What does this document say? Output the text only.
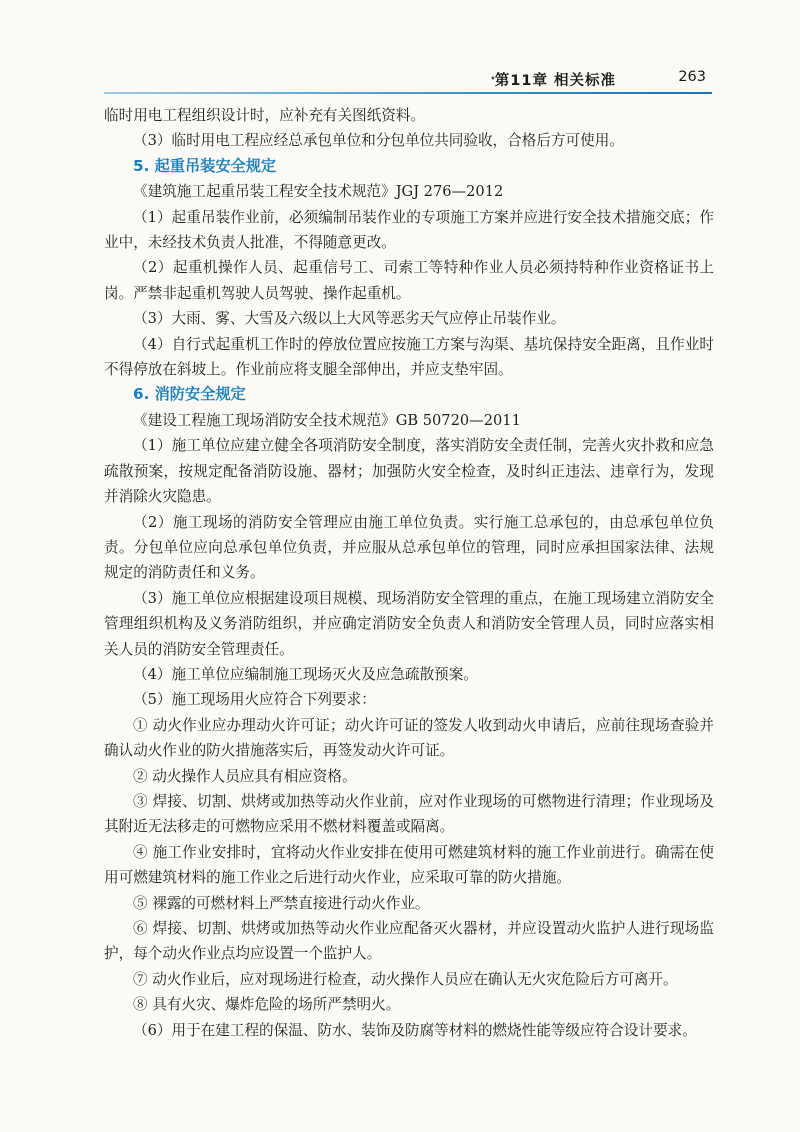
•
第11章 相关标准	263

临时用电工程组织设计时，应补充有关图纸资料。

（3）临时用电工程应经总承包单位和分包单位共同验收，合格后方可使用。

5. 起重吊装安全规定

《建筑施工起重吊装工程安全技术规范》JGJ 276—2012

（1）起重吊装作业前，必须编制吊装作业的专项施工方案并应进行安全技术措施交底；作业中，未经技术负责人批准，不得随意更改。

（2）起重机操作人员、起重信号工、司索工等特种作业人员必须持特种作业资格证书上岗。严禁非起重机驾驶人员驾驶、操作起重机。

（3）大雨、雾、大雪及六级以上大风等恶劣天气应停止吊装作业。

（4）自行式起重机工作时的停放位置应按施工方案与沟渠、基坑保持安全距离，且作业时不得停放在斜坡上。作业前应将支腿全部伸出，并应支垫牢固。

6. 消防安全规定

《建设工程施工现场消防安全技术规范》GB 50720—2011

（1）施工单位应建立健全各项消防安全制度，落实消防安全责任制，完善火灾扑救和应急疏散预案，按规定配备消防设施、器材；加强防火安全检查，及时纠正违法、违章行为，发现并消除火灾隐患。

（2）施工现场的消防安全管理应由施工单位负责。实行施工总承包的，由总承包单位负责。分包单位应向总承包单位负责，并应服从总承包单位的管理，同时应承担国家法律、法规规定的消防责任和义务。

（3）施工单位应根据建设项目规模、现场消防安全管理的重点，在施工现场建立消防安全管理组织机构及义务消防组织，并应确定消防安全负责人和消防安全管理人员，同时应落实相关人员的消防安全管理责任。

（4）施工单位应编制施工现场灭火及应急疏散预案。

（5）施工现场用火应符合下列要求：

① 动火作业应办理动火许可证；动火许可证的签发人收到动火申请后，应前往现场查验并确认动火作业的防火措施落实后，再签发动火许可证。

② 动火操作人员应具有相应资格。

③ 焊接、切割、烘烤或加热等动火作业前，应对作业现场的可燃物进行清理；作业现场及其附近无法移走的可燃物应采用不燃材料覆盖或隔离。

④ 施工作业安排时，宜将动火作业安排在使用可燃建筑材料的施工作业前进行。确需在使用可燃建筑材料的施工作业之后进行动火作业，应采取可靠的防火措施。

⑤ 裸露的可燃材料上严禁直接进行动火作业。

⑥ 焊接、切割、烘烤或加热等动火作业应配备灭火器材，并应设置动火监护人进行现场监护，每个动火作业点均应设置一个监护人。

⑦ 动火作业后，应对现场进行检查，动火操作人员应在确认无火灾危险后方可离开。

⑧ 具有火灾、爆炸危险的场所严禁明火。

（6）用于在建工程的保温、防水、装饰及防腐等材料的燃烧性能等级应符合设计要求。
